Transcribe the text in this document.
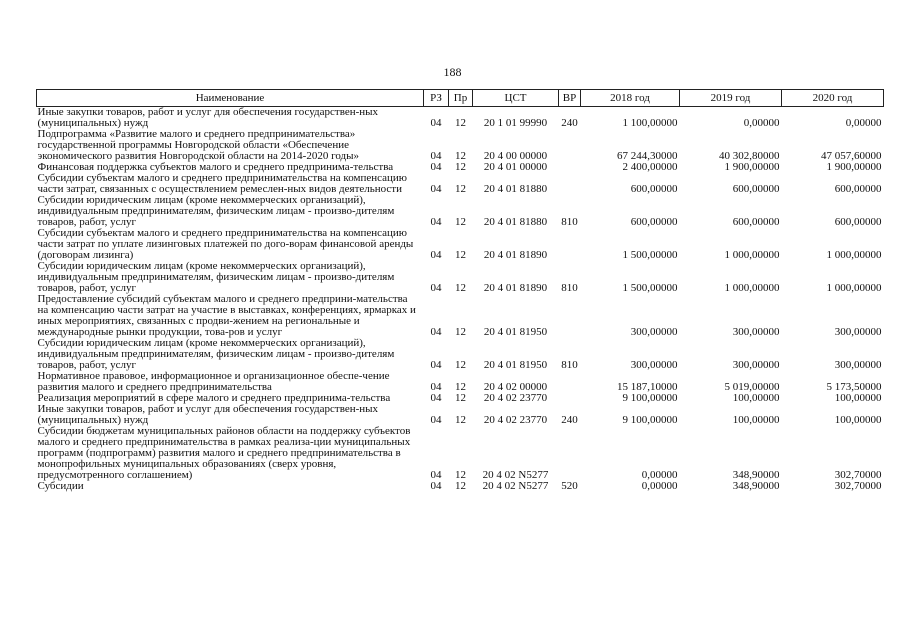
188
Наименование	РЗ	Пр	ЦСТ	ВР	2018 год	2019 год	2020 год
Иные закупки товаров, работ и услуг для обеспечения государствен-ных (муниципальных) нужд	04	12	20 1 01 99990	240	1 100,00000	0,00000	0,00000
Подпрограмма «Развитие малого и среднего предпринимательства» государственной программы Новгородской области «Обеспечение экономического развития Новгородской области на 2014-2020 годы»	04	12	20 4 00 00000		67 244,30000	40 302,80000	47 057,60000
Финансовая поддержка субъектов малого и среднего предпринима-тельства	04	12	20 4 01 00000		2 400,00000	1 900,00000	1 900,00000
Субсидии субъектам малого и среднего предпринимательства на компенсацию части затрат, связанных с осуществлением ремеслен-ных видов деятельности	04	12	20 4 01 81880		600,00000	600,00000	600,00000
Субсидии юридическим лицам (кроме некоммерческих организаций), индивидуальным предпринимателям, физическим лицам - произво-дителям товаров, работ, услуг	04	12	20 4 01 81880	810	600,00000	600,00000	600,00000
Субсидии субъектам малого и среднего предпринимательства на компенсацию части затрат по уплате лизинговых платежей по дого-ворам финансовой аренды (договорам лизинга)	04	12	20 4 01 81890		1 500,00000	1 000,00000	1 000,00000
Субсидии юридическим лицам (кроме некоммерческих организаций), индивидуальным предпринимателям, физическим лицам - произво-дителям товаров, работ, услуг	04	12	20 4 01 81890	810	1 500,00000	1 000,00000	1 000,00000
Предоставление субсидий субъектам малого и среднего предприни-мательства на компенсацию части затрат на участие в выставках, конференциях, ярмарках и иных мероприятиях, связанных с продви-жением на региональные и международные рынки продукции, това-ров и услуг	04	12	20 4 01 81950		300,00000	300,00000	300,00000
Субсидии юридическим лицам (кроме некоммерческих организаций), индивидуальным предпринимателям, физическим лицам - произво-дителям товаров, работ, услуг	04	12	20 4 01 81950	810	300,00000	300,00000	300,00000
Нормативное правовое, информационное и организационное обеспе-чение развития малого и среднего предпринимательства	04	12	20 4 02 00000		15 187,10000	5 019,00000	5 173,50000
Реализация мероприятий в сфере малого и среднего предпринима-тельства	04	12	20 4 02 23770		9 100,00000	100,00000	100,00000
Иные закупки товаров, работ и услуг для обеспечения государствен-ных (муниципальных) нужд	04	12	20 4 02 23770	240	9 100,00000	100,00000	100,00000
Субсидии бюджетам муниципальных районов области на поддержку субъектов малого и среднего предпринимательства в рамках реализа-ции муниципальных программ (подпрограмм) развития малого и среднего предпринимательства в монопрофильных муниципальных образованиях (сверх уровня, предусмотренного соглашением)	04	12	20 4 02 N5277		0,00000	348,90000	302,70000
Субсидии	04	12	20 4 02 N5277	520	0,00000	348,90000	302,70000
